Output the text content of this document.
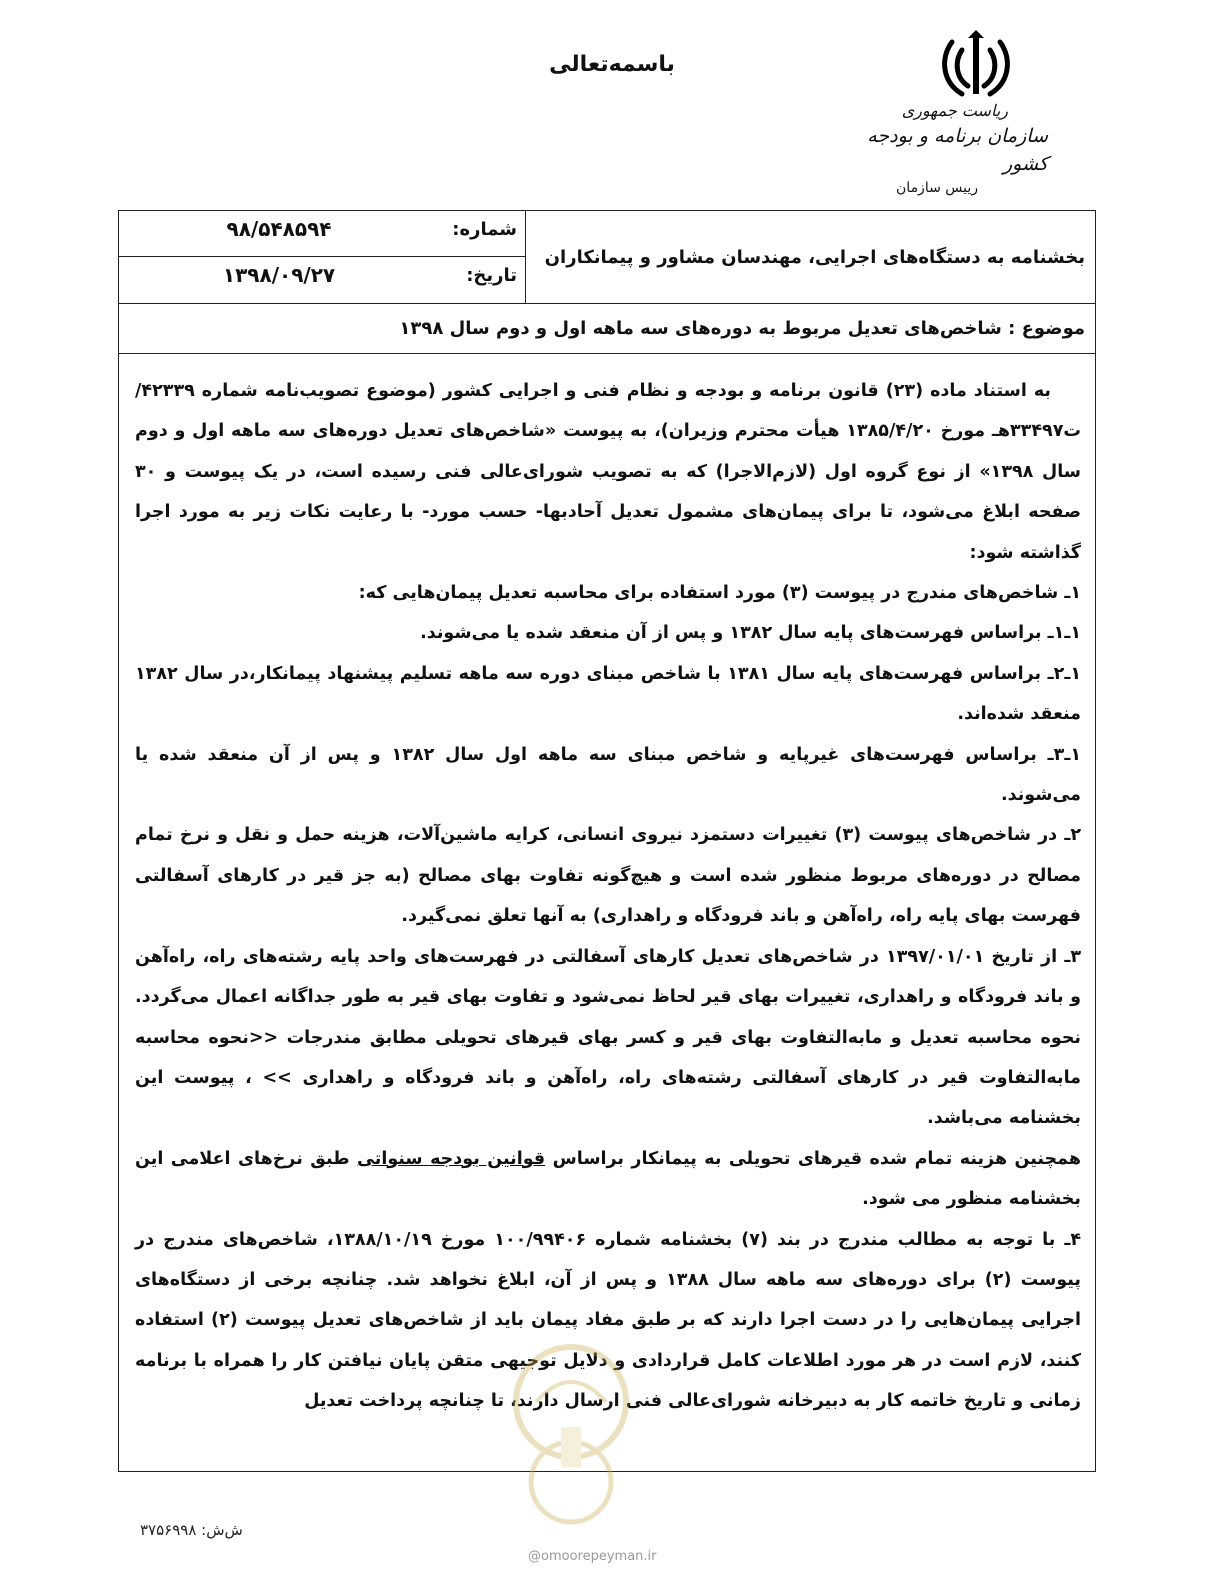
باسمه‌تعالی
ریاست جمهوری
سازمان برنامه و بودجه کشور
رییس سازمان
بخشنامه به دستگاه‌های اجرایی، مهندسان مشاور و پیمانکاران
شماره:
۹۸/۵۴۸۵۹۴
تاریخ:
۱۳۹۸/۰۹/۲۷
موضوع : شاخص‌های تعدیل مربوط به دوره‌های سه ماهه اول و دوم سال ۱۳۹۸

به استناد ماده (۲۳) قانون برنامه و بودجه و نظام فنی و اجرایی کشور (موضوع تصویب‌نامه شماره ۴۲۳۳۹/ت۳۳۴۹۷هـ مورخ ۱۳۸۵/۴/۲۰ هیأت محترم وزیران)، به پیوست «شاخص‌های تعدیل دوره‌های سه ماهه اول و دوم سال ۱۳۹۸» از نوع گروه اول (لازم‌الاجرا) که به تصویب شورای‌عالی فنی رسیده است، در یک پیوست و ۳۰ صفحه ابلاغ می‌شود، تا برای پیمان‌های مشمول تعدیل آحادبها- حسب مورد- با رعایت نکات زیر به مورد اجرا گذاشته شود:

۱ـ شاخص‌های مندرج در پیوست (۳) مورد استفاده برای محاسبه تعدیل پیمان‌هایی که:

۱ـ۱ـ براساس فهرست‌های پایه سال ۱۳۸۲ و پس از آن منعقد شده یا می‌شوند.

۱ـ۲ـ براساس فهرست‌های پایه سال ۱۳۸۱ با شاخص مبنای دوره سه ماهه تسلیم پیشنهاد پیمانکار،در سال ۱۳۸۲ منعقد شده‌اند.

۱ـ۳ـ براساس فهرست‌های غیرپایه و شاخص مبنای سه ماهه اول سال ۱۳۸۲ و پس از آن منعقد شده یا می‌شوند.

۲ـ در شاخص‌های پیوست (۳) تغییرات دستمزد نیروی انسانی، کرایه ماشین‌آلات، هزینه حمل و نقل و نرخ تمام مصالح در دوره‌های مربوط منظور شده است و هیچ‌گونه تفاوت بهای مصالح (به جز قیر در کارهای آسفالتی فهرست بهای پایه راه، راه‌آهن و باند فرودگاه و راهداری) به آنها تعلق نمی‌گیرد.

۳ـ از تاریخ ۱۳۹۷/۰۱/۰۱ در شاخص‌های تعدیل کارهای آسفالتی در فهرست‌های واحد پایه رشته‌های راه، راه‌آهن و باند فرودگاه و راهداری، تغییرات بهای قیر لحاظ نمی‌شود و تفاوت بهای قیر به طور جداگانه اعمال می‌گردد. نحوه محاسبه تعدیل و مابه‌التفاوت بهای قیر و کسر بهای قیرهای تحویلی مطابق مندرجات <<نحوه محاسبه مابه‌التفاوت قیر در کارهای آسفالتی رشته‌های راه، راه‌آهن و باند فرودگاه و راهداری >> ، پیوست این بخشنامه می‌باشد.

همچنین هزینه تمام شده قیرهای تحویلی به پیمانکار براساس قوانین بودجه سنواتی طبق نرخ‌های اعلامی این بخشنامه منظور می شود.

۴ـ با توجه به مطالب مندرج در بند (۷) بخشنامه شماره ۱۰۰/۹۹۴۰۶ مورخ ۱۳۸۸/۱۰/۱۹، شاخص‌های مندرج در پیوست (۲) برای دوره‌های سه ماهه سال ۱۳۸۸ و پس از آن، ابلاغ نخواهد شد. چنانچه برخی از دستگاه‌های اجرایی پیمان‌هایی را در دست اجرا دارند که بر طبق مفاد پیمان باید از شاخص‌های تعدیل پیوست (۲) استفاده کنند، لازم است در هر مورد اطلاعات کامل قراردادی و دلایل توجیهی متقن پایان نیافتن کار را همراه با برنامه زمانی و تاریخ خاتمه کار به دبیرخانه شورای‌عالی فنی ارسال دارند، تا چنانچه پرداخت تعدیل

ش‌ش: ۳۷۵۶۹۹۸
@omoorepeyman.ir
